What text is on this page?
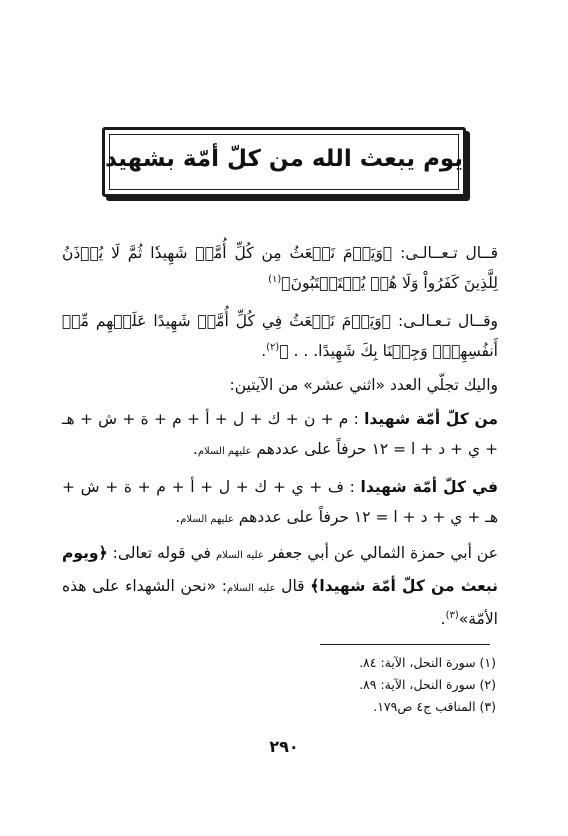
يوم يبعث الله من كلّ أمّة بشهيد
قــال تـعــالـى: ﴿وَيَوۡمَ نَبۡعَثُ مِن كُلِّ أُمَّةٖ شَهِيدٗا ثُمَّ لَا يُؤۡذَنُ لِلَّذِينَ كَفَرُواْ وَلَا هُمۡ يُسۡتَعۡتَبُونَ﴾$^{(١)}$
وقــال تـعـالـى: ﴿وَيَوۡمَ نَبۡعَثُ فِي كُلِّ أُمَّةٖ شَهِيدًا عَلَيۡهِم مِّنۡ أَنفُسِهِمۡۖ وَجِئۡنَا بِكَ شَهِيدًا. . . ﴾$^{(٢)}$.
واليك تجلّي العدد «اثني عشر» من الآيتين:
من كلّ أمّة شهيدا : م + ن + ك + ل + أ + م + ة + ش + هـ + ي + د + ا = ١٢ حرفاً على عددهم عليهم السلام.
في كلّ أمّة شهيدا : ف + ي + ك + ل + أ + م + ة + ش + هـ + ي + د + ا = ١٢ حرفاً على عددهم عليهم السلام.
عن أبي حمزة الثمالي عن أبي جعفر عليه السلام في قوله تعالى: ﴿ويوم نبعث من كلّ أمّة شهيدا﴾ قال عليه السلام: «نحن الشهداء على هذه الأمّة»$^{(٣)}$.
(١) سورة النحل، الآية: ٨٤.
(٢) سورة النحل، الآية: ٨٩.
(٣) المناقب ج٤ ص١٧٩.
٢٩٠
